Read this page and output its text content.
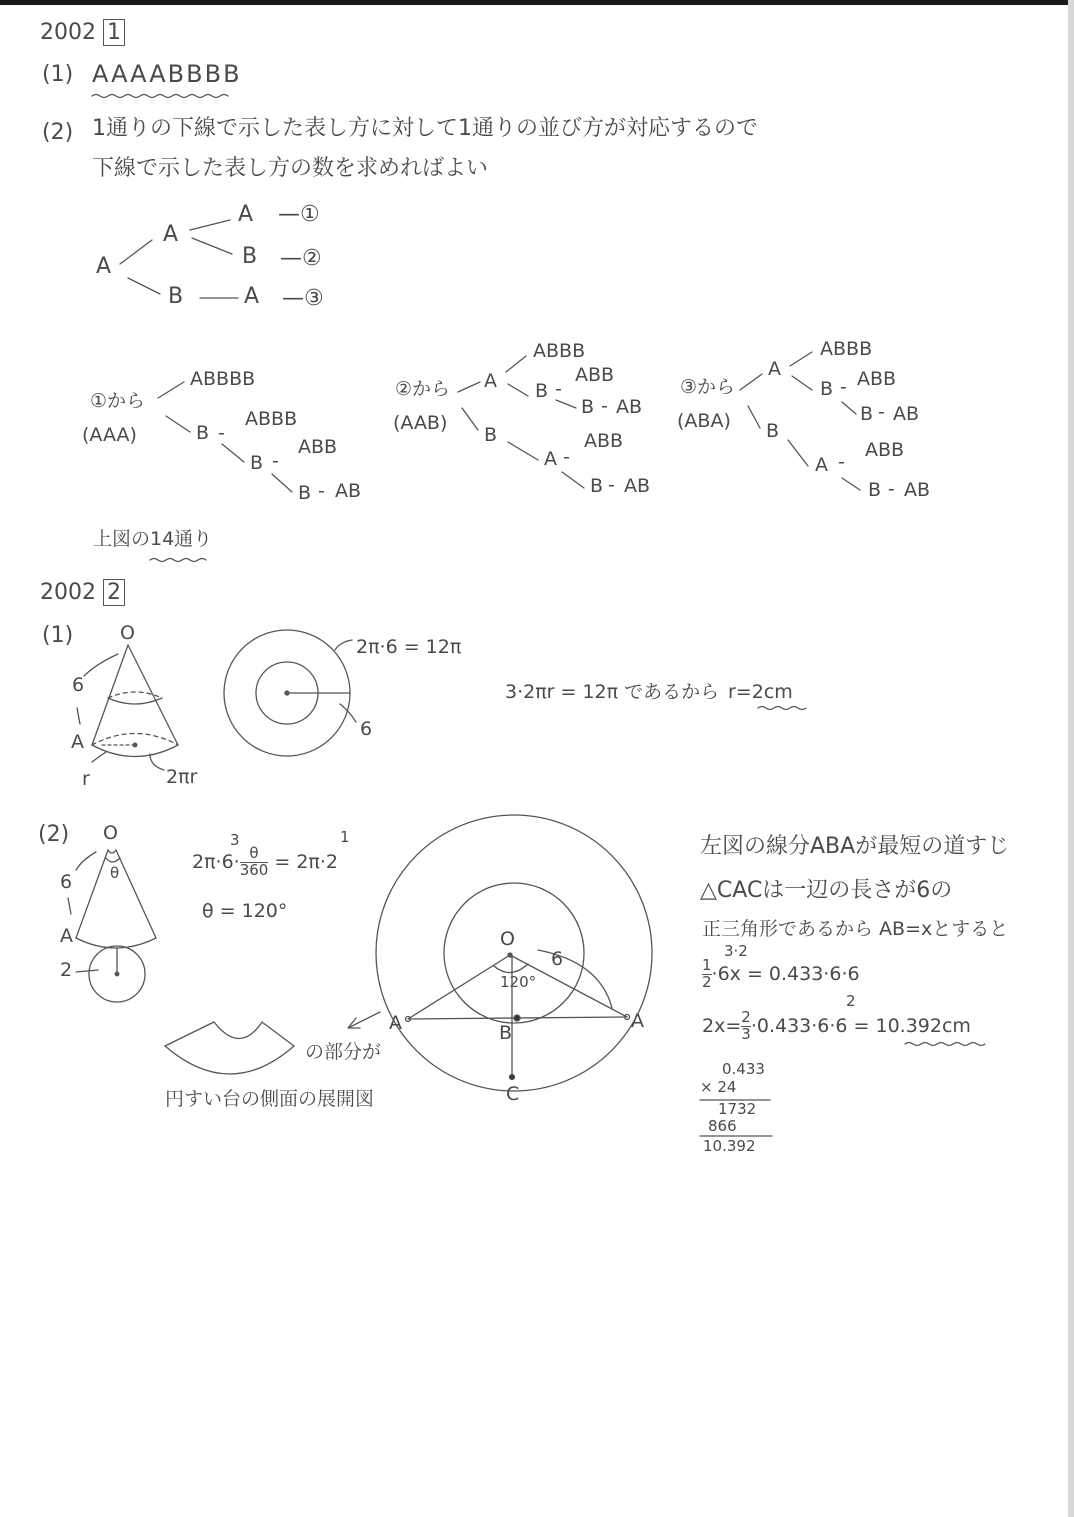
2002 1
(1) AAAABBBB
(2) 1通りの下線で示した表し方に対して1通りの並び方が対応するので
下線で示した表し方の数を求めればよい
A
A
A
B
B	A
—①
—②
—③
①から
(AAA)
ABBBB
B -
ABBB
B -
ABB
B - AB
②から
(AAB)
A
ABBB
B -
ABB
B - AB
B
A -
ABB
B - AB
③から
(ABA)
A
ABBB
B - ABB
B - AB
B
A -
ABB
B - AB
上図の14通り
2002 2
(1) O
6
A
r	2πr
2π·6 = 12π
6
3·2πr = 12π であるから r=2cm
(2) O
θ
6
A
2
$2\pi\cdot 6\cdot \frac{\theta}{360} = 2\pi\cdot 2$
3	1
θ = 120°
の部分が
円すい台の側面の展開図
O
6
120°
A	A
B
C
左図の線分ABAが最短の道すじ
△CACは一辺の長さが6の
正三角形であるから AB=xとすると
$\frac{1}{2} \cdot 6x = 0.433\cdot 6\cdot 6$
3·2
$2x= \frac{2}{3} \cdot 0.433\cdot 6\cdot 6 = 10.392cm$
2
0.433
× 24
1732
866
10.392
